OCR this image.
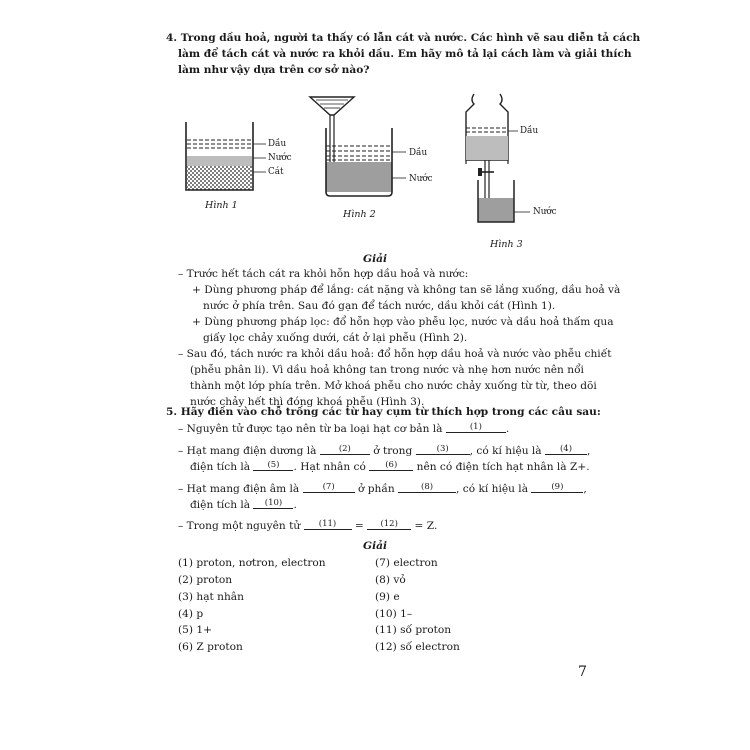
4. Trong dầu hoả, người ta thấy có lẫn cát và nước. Các hình vẽ sau diễn tả cách
làm để tách cát và nước ra khỏi dầu. Em hãy mô tả lại cách làm và giải thích
làm như vậy dựa trên cơ sở nào?
Dầu
Nước
Cát
Hình 1
Dầu
Nước
Hình 2
Dầu
Nước
Hình 3
Giải
– Trước hết tách cát ra khỏi hỗn hợp dầu hoả và nước:
+ Dùng phương pháp để lắng: cát nặng và không tan sẽ lắng xuống, dầu hoả và
nước ở phía trên. Sau đó gạn để tách nước, dầu khỏi cát (Hình 1).
+ Dùng phương pháp lọc: đổ hỗn hợp vào phễu lọc, nước và dầu hoả thấm qua
giấy lọc chảy xuống dưới, cát ở lại phễu (Hình 2).
– Sau đó, tách nước ra khỏi dầu hoả: đổ hỗn hợp dầu hoả và nước vào phễu chiết
(phễu phân li). Vì dầu hoả không tan trong nước và nhẹ hơn nước nên nổi
thành một lớp phía trên. Mở khoá phễu cho nước chảy xuống từ từ, theo dõi
nước chảy hết thì đóng khoá phễu (Hình 3).
5. Hãy điền vào chỗ trống các từ hay cụm từ thích hợp trong các câu sau:
– Nguyên tử được tạo nên từ ba loại hạt cơ bản là	(1) .
– Hạt mang điện dương là	(2) ở trong	(3) , có kí hiệu là (4) ,
điện tích là (5) . Hạt nhân có (6) nên có điện tích hạt nhân là Z+.
– Hạt mang điện âm là	(7) ở phần	(8) , có kí hiệu là	(9) ,
điện tích là (10) .
– Trong một nguyên tử (11) = (12) = Z.
Giải
(1) proton, nơtron, electron
(2) proton
(3) hạt nhân
(4) p
(5) 1+
(6) Z proton
(7) electron
(8) vỏ
(9) e
(10) 1–
(11) số proton
(12) số electron
7
